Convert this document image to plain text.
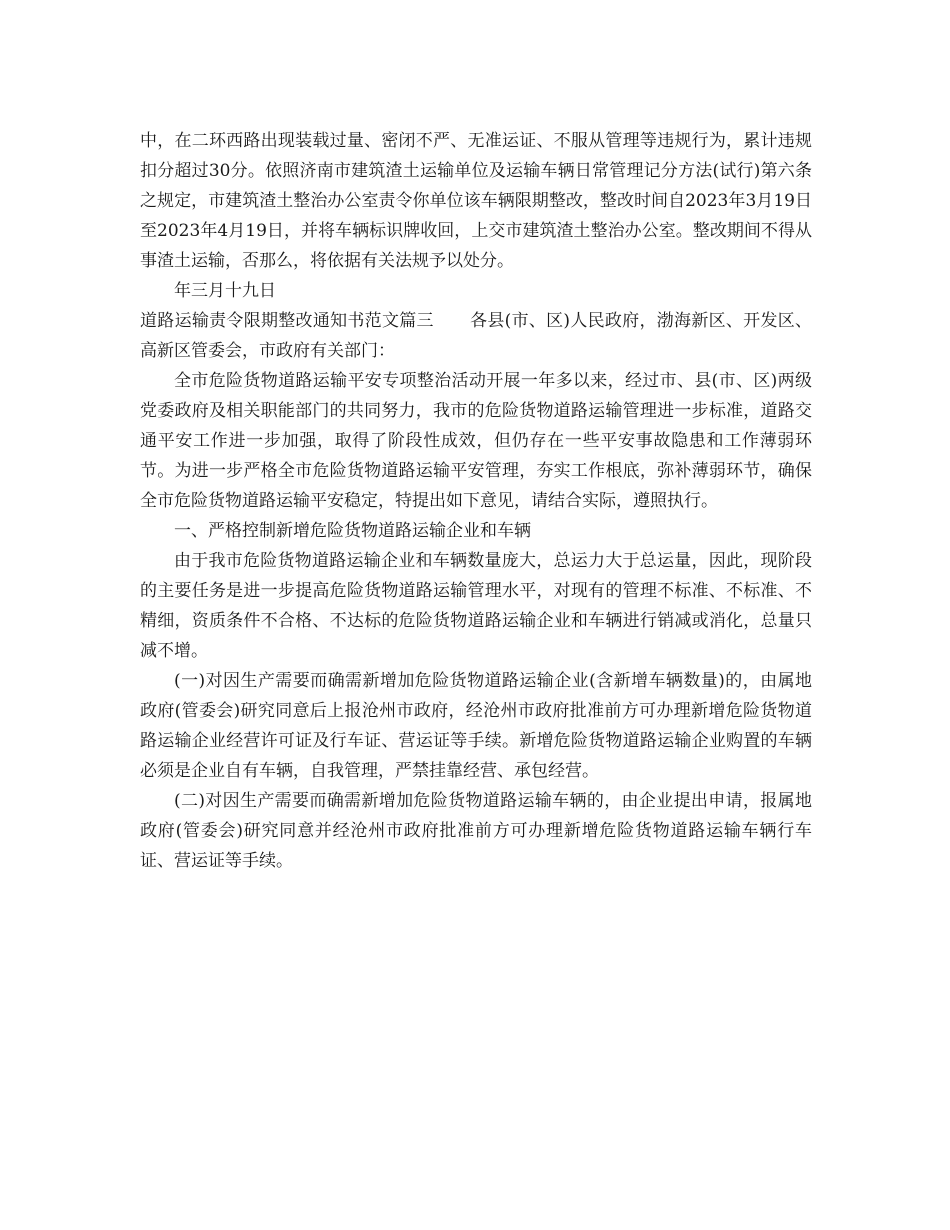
中，在二环西路出现装载过量、密闭不严、无准运证、不服从管理等违规行为，累计违规扣分超过30分。依照济南市建筑渣土运输单位及运输车辆日常管理记分方法(试行)第六条之规定，市建筑渣土整治办公室责令你单位该车辆限期整改，整改时间自2023年3月19日至2023年4月19日，并将车辆标识牌收回，上交市建筑渣土整治办公室。整改期间不得从事渣土运输，否那么，将依据有关法规予以处分。

年三月十九日

道路运输责令限期整改通知书范文篇三 各县(市、区)人民政府，渤海新区、开发区、高新区管委会，市政府有关部门：

全市危险货物道路运输平安专项整治活动开展一年多以来，经过市、县(市、区)两级党委政府及相关职能部门的共同努力，我市的危险货物道路运输管理进一步标准，道路交通平安工作进一步加强，取得了阶段性成效，但仍存在一些平安事故隐患和工作薄弱环节。为进一步严格全市危险货物道路运输平安管理，夯实工作根底，弥补薄弱环节，确保全市危险货物道路运输平安稳定，特提出如下意见，请结合实际，遵照执行。

一、严格控制新增危险货物道路运输企业和车辆

由于我市危险货物道路运输企业和车辆数量庞大，总运力大于总运量，因此，现阶段的主要任务是进一步提高危险货物道路运输管理水平，对现有的管理不标准、不标准、不精细，资质条件不合格、不达标的危险货物道路运输企业和车辆进行销减或消化，总量只减不增。

(一)对因生产需要而确需新增加危险货物道路运输企业(含新增车辆数量)的，由属地政府(管委会)研究同意后上报沧州市政府，经沧州市政府批准前方可办理新增危险货物道路运输企业经营许可证及行车证、营运证等手续。新增危险货物道路运输企业购置的车辆必须是企业自有车辆，自我管理，严禁挂靠经营、承包经营。

(二)对因生产需要而确需新增加危险货物道路运输车辆的，由企业提出申请，报属地政府(管委会)研究同意并经沧州市政府批准前方可办理新增危险货物道路运输车辆行车证、营运证等手续。
